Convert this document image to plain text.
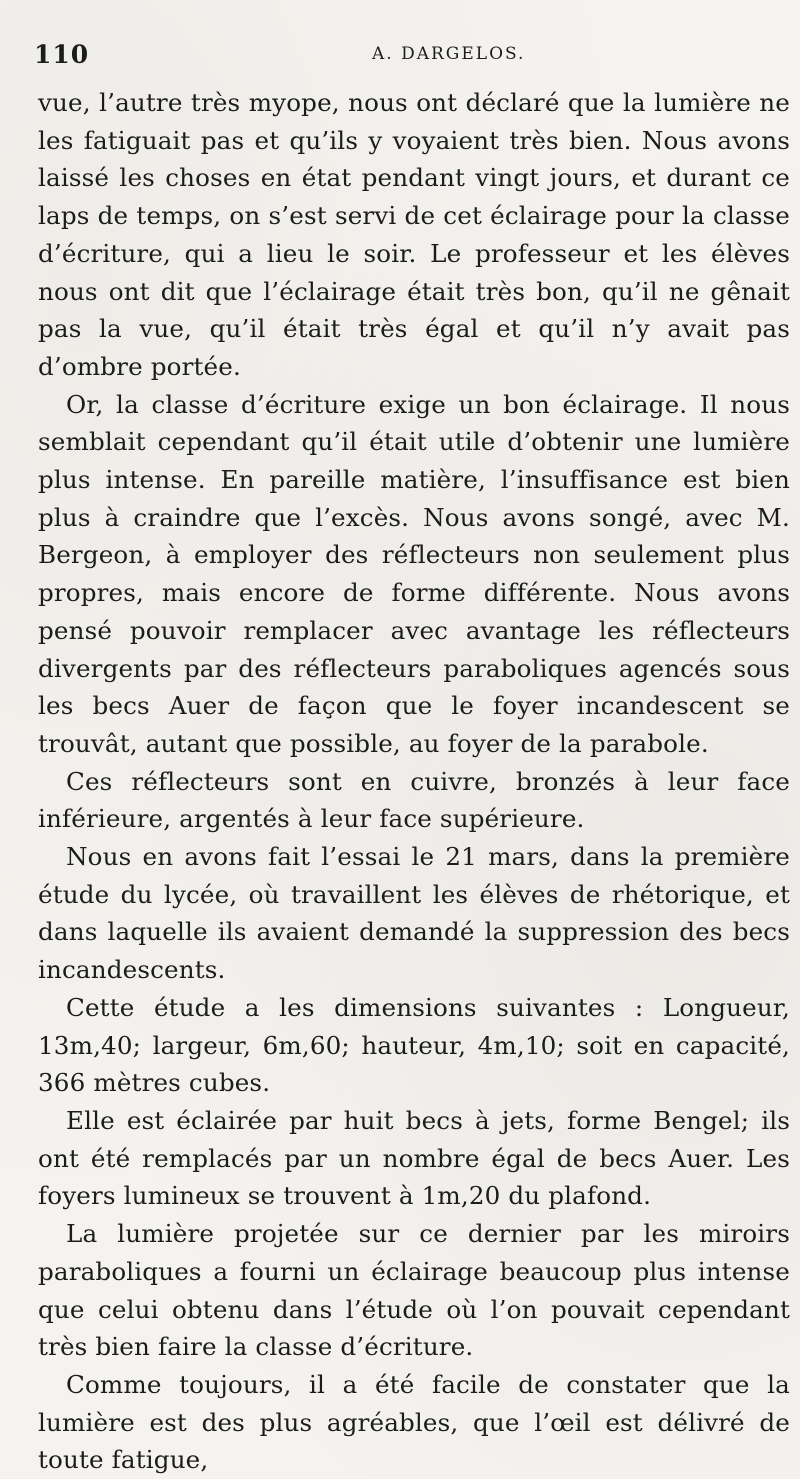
110	A. DARGELOS.

vue, l’autre très myope, nous ont déclaré que la lumière ne les fatiguait pas et qu’ils y voyaient très bien. Nous avons laissé les choses en état pendant vingt jours, et durant ce laps de temps, on s’est servi de cet éclairage pour la classe d’écriture, qui a lieu le soir. Le professeur et les élèves nous ont dit que l’éclairage était très bon, qu’il ne gênait pas la vue, qu’il était très égal et qu’il n’y avait pas d’ombre portée.

Or, la classe d’écriture exige un bon éclairage. Il nous semblait cependant qu’il était utile d’obtenir une lumière plus intense. En pareille matière, l’insuffisance est bien plus à craindre que l’excès. Nous avons songé, avec M. Bergeon, à employer des réflecteurs non seulement plus propres, mais encore de forme différente. Nous avons pensé pouvoir remplacer avec avantage les réflecteurs divergents par des réflecteurs paraboliques agencés sous les becs Auer de façon que le foyer incandescent se trouvât, autant que possible, au foyer de la parabole.

Ces réflecteurs sont en cuivre, bronzés à leur face inférieure, argentés à leur face supérieure.

Nous en avons fait l’essai le 21 mars, dans la première étude du lycée, où travaillent les élèves de rhétorique, et dans laquelle ils avaient demandé la suppression des becs incandescents.

Cette étude a les dimensions suivantes : Longueur, 13m,40; largeur, 6m,60; hauteur, 4m,10; soit en capacité, 366 mètres cubes.

Elle est éclairée par huit becs à jets, forme Bengel; ils ont été remplacés par un nombre égal de becs Auer. Les foyers lumineux se trouvent à 1m,20 du plafond.

La lumière projetée sur ce dernier par les miroirs paraboliques a fourni un éclairage beaucoup plus intense que celui obtenu dans l’étude où l’on pouvait cependant très bien faire la classe d’écriture.

Comme toujours, il a été facile de constater que la lumière est des plus agréables, que l’œil est délivré de toute fatigue,
